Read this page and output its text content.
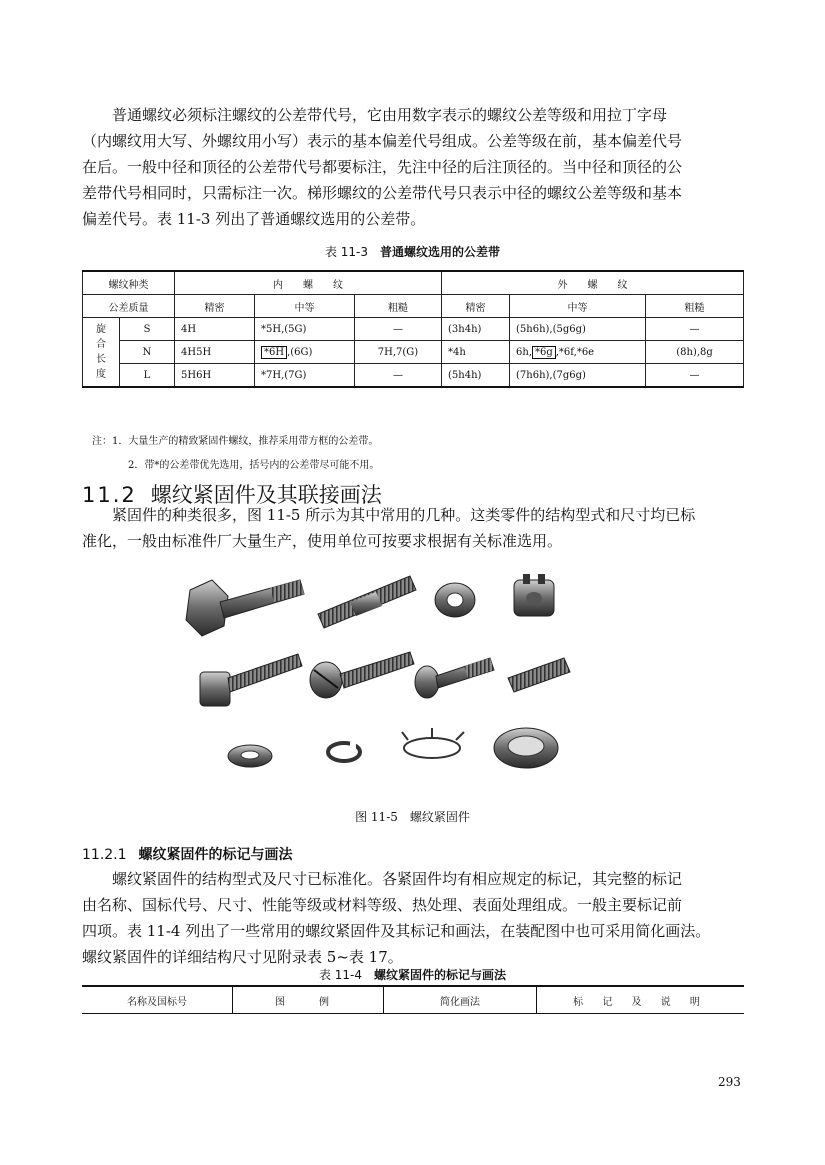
　　普通螺纹必须标注螺纹的公差带代号，它由用数字表示的螺纹公差等级和用拉丁字母
（内螺纹用大写、外螺纹用小写）表示的基本偏差代号组成。公差等级在前，基本偏差代号
在后。一般中径和顶径的公差带代号都要标注，先注中径的后注顶径的。当中径和顶径的公
差带代号相同时，只需标注一次。梯形螺纹的公差带代号只表示中径的螺纹公差等级和基本
偏差代号。表 11-3 列出了普通螺纹选用的公差带。

表 11-3 普通螺纹选用的公差带
螺纹种类		内　　螺　　纹			外　　螺　　纹		
公差质量		精密	中等	粗糙	精密	中等	粗糙

旋
合
长
度	S	4H	*5H,(5G)	—	(3h4h)	(5h6h),(5g6g)	—
	N	4H5H	*6H ,(6G)	7H,7(G)	*4h	6h, *6g ,*6f,*6e	(8h),8g
	L	5H6H	*7H,(7G)	—	(5h4h)	(7h6h),(7g6g)	—
注：1．大量生产的精致紧固件螺纹，推荐采用带方框的公差带。
2．带*的公差带优先选用，括号内的公差带尽可能不用。
11.2 螺纹紧固件及其联接画法

　　紧固件的种类很多，图 11-5 所示为其中常用的几种。这类零件的结构型式和尺寸均已标
准化，一般由标准件厂大量生产，使用单位可按要求根据有关标准选用。

图 11-5　螺纹紧固件
11.2.1 螺纹紧固件的标记与画法

　　螺纹紧固件的结构型式及尺寸已标准化。各紧固件均有相应规定的标记，其完整的标记
由名称、国标代号、尺寸、性能等级或材料等级、热处理、表面处理组成。一般主要标记前
四项。表 11-4 列出了一些常用的螺纹紧固件及其标记和画法，在装配图中也可采用简化画法。
螺纹紧固件的详细结构尺寸见附录表 5~表 17。

表 11-4 螺纹紧固件的标记与画法
名称及国标号	图　例	简化画法	标 记 及 说 明
293
